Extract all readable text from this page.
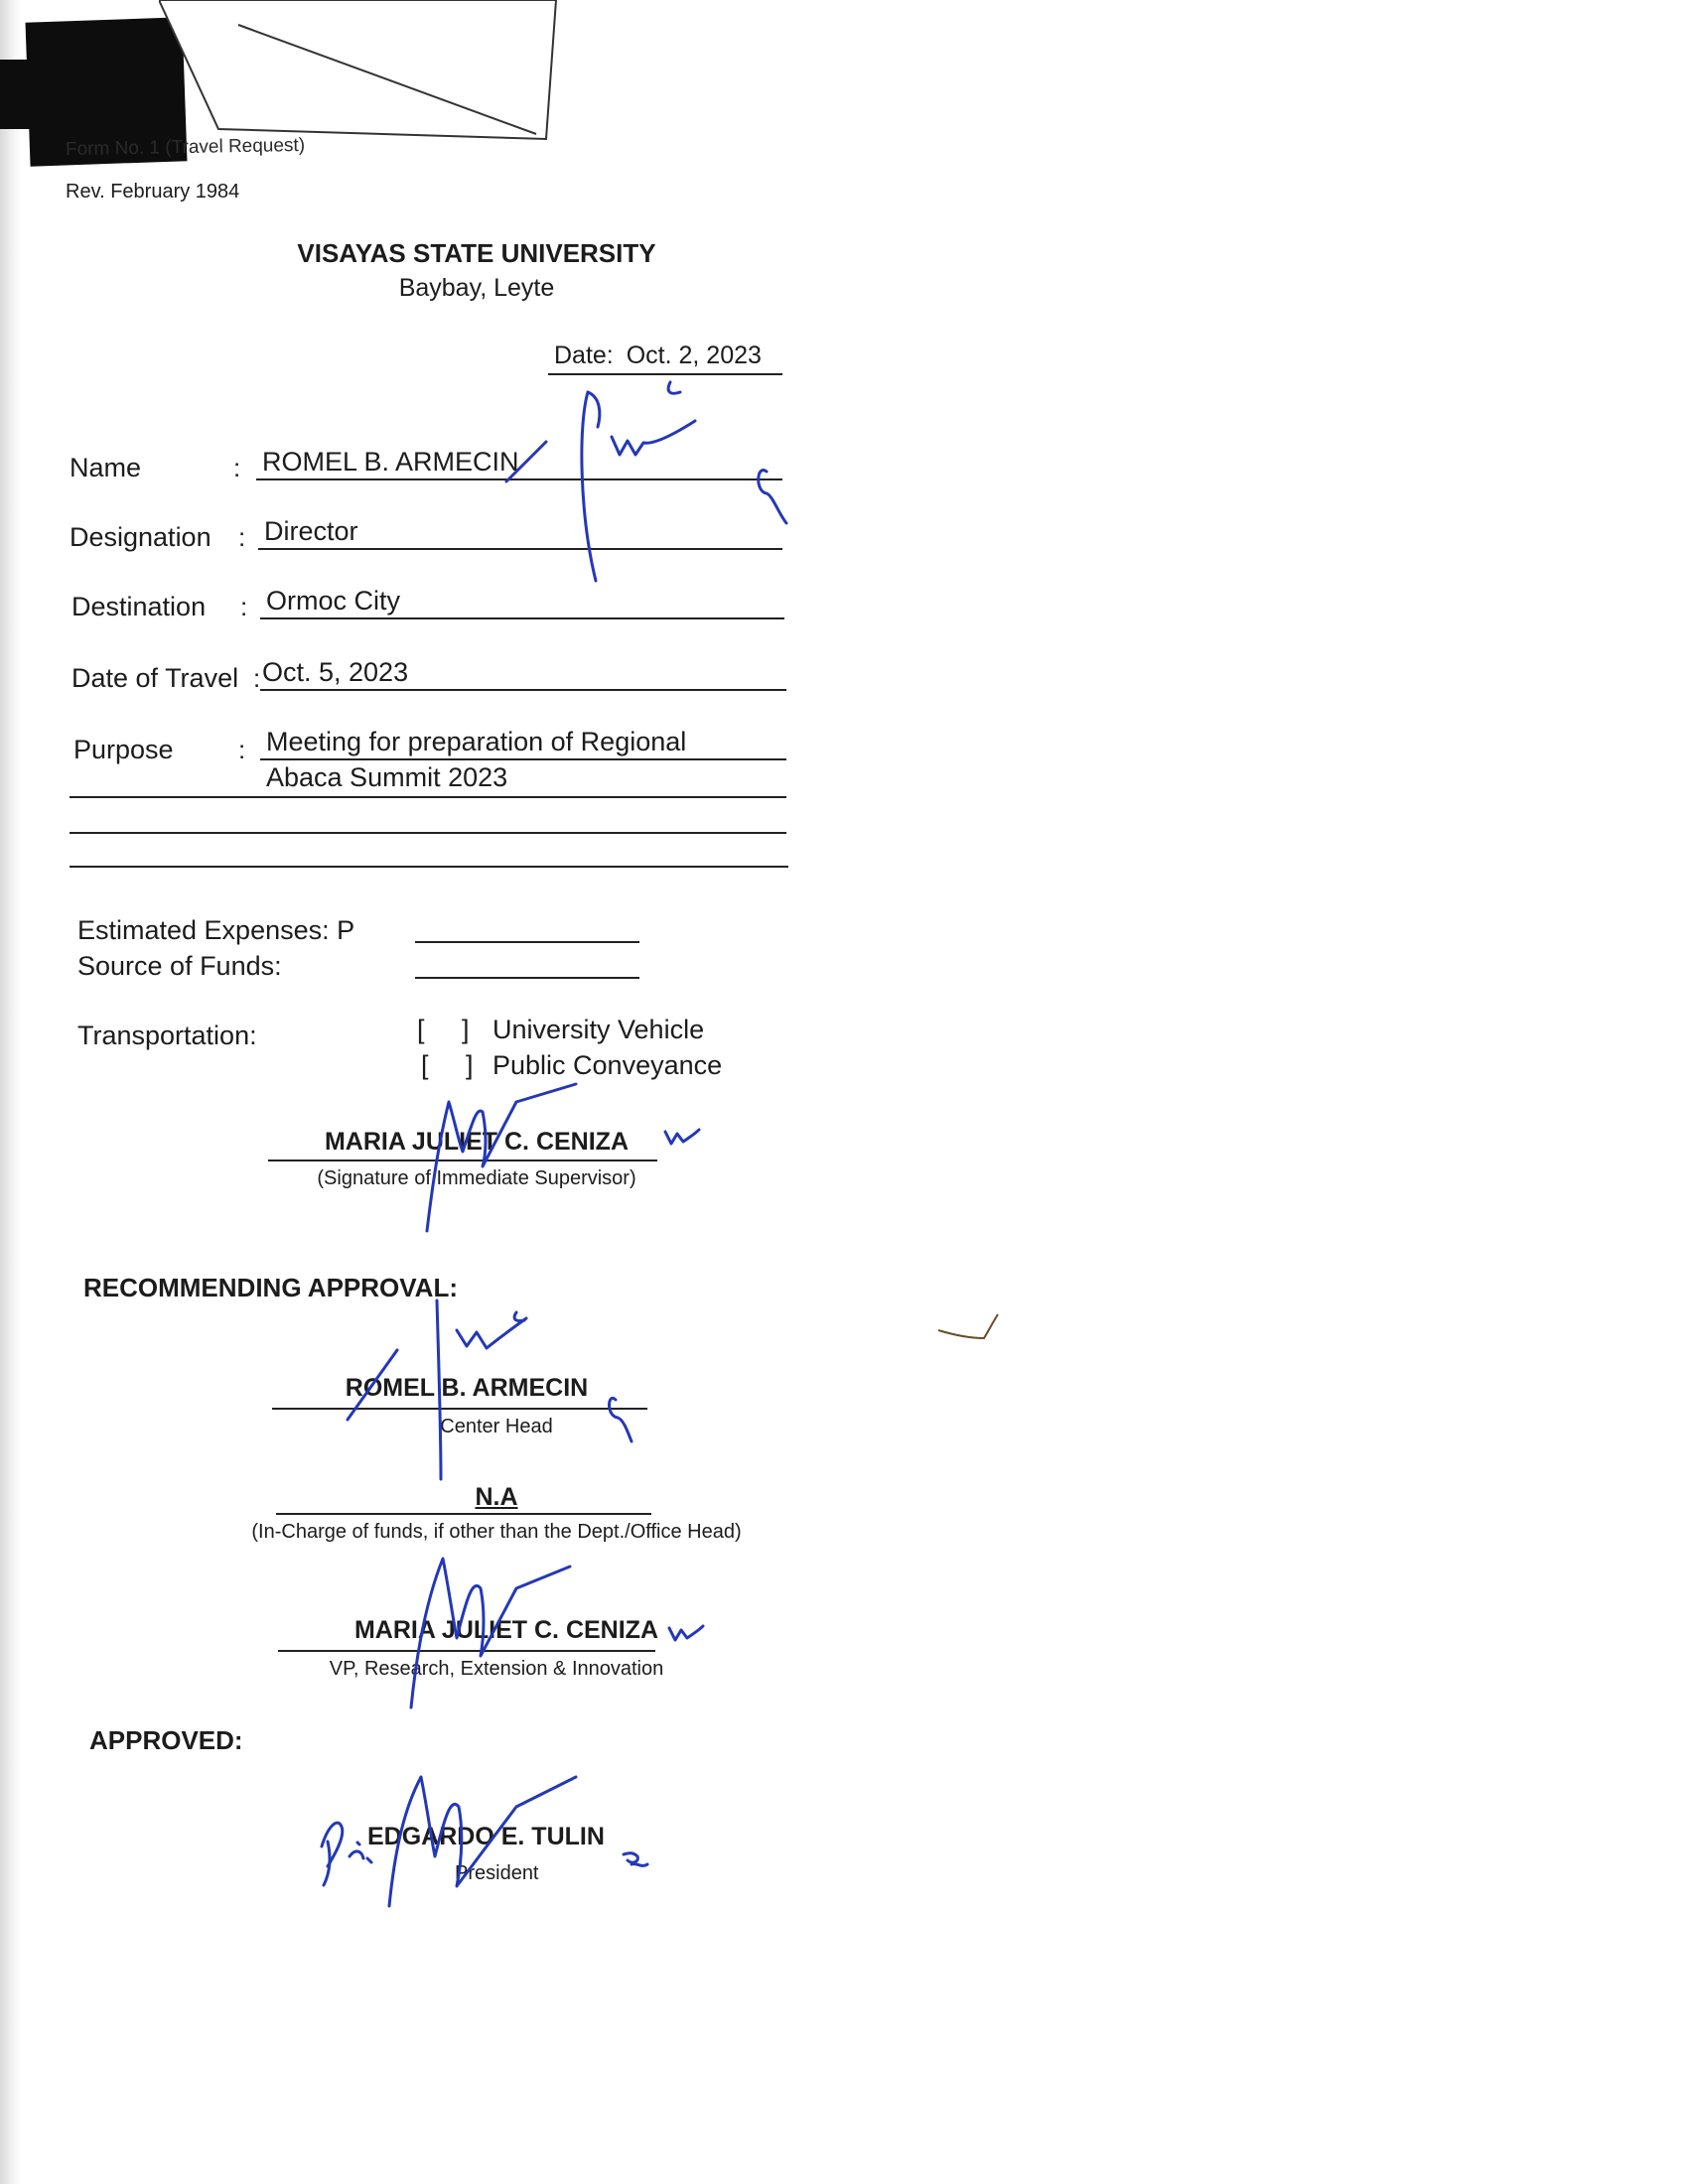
Form No. 1 (Travel Request)
Rev. February 1984
VISAYAS STATE UNIVERSITY
Baybay, Leyte
Date: Oct. 2, 2023
Name	: ROMEL B. ARMECIN
Designation : Director
Destination : Ormoc City
Date of Travel : Oct. 5, 2023
Purpose	: Meeting for preparation of Regional
Abaca Summit 2023
Estimated Expenses: P
Source of Funds:
Transportation:	[     ] University Vehicle
[     ] Public Conveyance
MARIA JULIET C. CENIZA
(Signature of Immediate Supervisor)
RECOMMENDING APPROVAL:
ROMEL B. ARMECIN
Center Head
N.A
(In-Charge of funds, if other than the Dept./Office Head)
MARIA JULIET C. CENIZA
VP, Research, Extension & Innovation
APPROVED:
EDGARDO E. TULIN
President
